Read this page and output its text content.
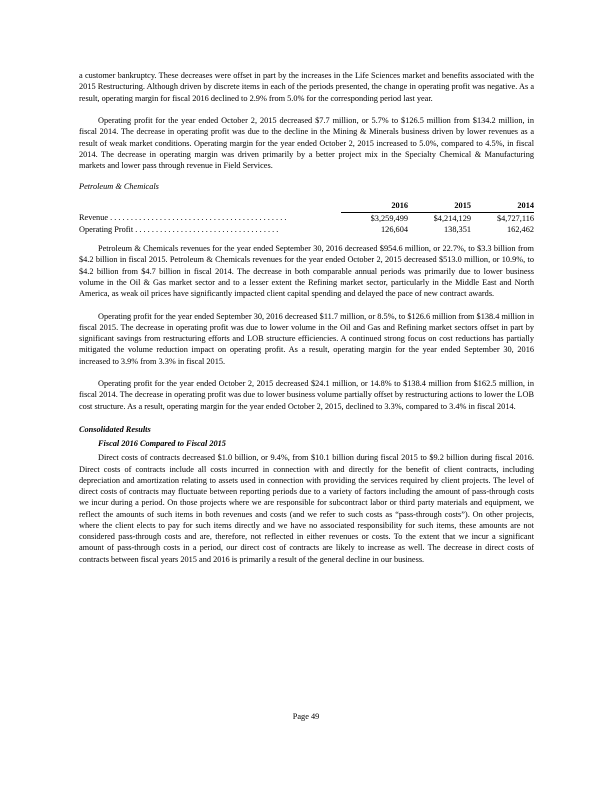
a customer bankruptcy. These decreases were offset in part by the increases in the Life Sciences market and benefits associated with the 2015 Restructuring. Although driven by discrete items in each of the periods presented, the change in operating profit was negative. As a result, operating margin for fiscal 2016 declined to 2.9% from 5.0% for the corresponding period last year.

Operating profit for the year ended October 2, 2015 decreased $7.7 million, or 5.7% to $126.5 million from $134.2 million, in fiscal 2014. The decrease in operating profit was due to the decline in the Mining & Minerals business driven by lower revenues as a result of weak market conditions. Operating margin for the year ended October 2, 2015 increased to 5.0%, compared to 4.5%, in fiscal 2014. The decrease in operating margin was driven primarily by a better project mix in the Specialty Chemical & Manufacturing markets and lower pass through revenue in Field Services.

Petroleum & Chemicals
	2016	2015	2014
Revenue . . . . . . . . . . . . . . . . . . . . . . . . . . . . . . . . . . . . . . . . . . .	$3,259,499	$4,214,129	$4,727,116
Operating Profit . . . . . . . . . . . . . . . . . . . . . . . . . . . . . . . . . . .	126,604	138,351	162,462

Petroleum & Chemicals revenues for the year ended September 30, 2016 decreased $954.6 million, or 22.7%, to $3.3 billion from $4.2 billion in fiscal 2015. Petroleum & Chemicals revenues for the year ended October 2, 2015 decreased $513.0 million, or 10.9%, to $4.2 billion from $4.7 billion in fiscal 2014. The decrease in both comparable annual periods was primarily due to lower business volume in the Oil & Gas market sector and to a lesser extent the Refining market sector, particularly in the Middle East and North America, as weak oil prices have significantly impacted client capital spending and delayed the pace of new contract awards.

Operating profit for the year ended September 30, 2016 decreased $11.7 million, or 8.5%, to $126.6 million from $138.4 million in fiscal 2015. The decrease in operating profit was due to lower volume in the Oil and Gas and Refining market sectors offset in part by significant savings from restructuring efforts and LOB structure efficiencies. A continued strong focus on cost reductions has partially mitigated the volume reduction impact on operating profit. As a result, operating margin for the year ended September 30, 2016 increased to 3.9% from 3.3% in fiscal 2015.

Operating profit for the year ended October 2, 2015 decreased $24.1 million, or 14.8% to $138.4 million from $162.5 million, in fiscal 2014. The decrease in operating profit was due to lower business volume partially offset by restructuring actions to lower the LOB cost structure. As a result, operating margin for the year ended October 2, 2015, declined to 3.3%, compared to 3.4% in fiscal 2014.

Consolidated Results
Fiscal 2016 Compared to Fiscal 2015

Direct costs of contracts decreased $1.0 billion, or 9.4%, from $10.1 billion during fiscal 2015 to $9.2 billion during fiscal 2016. Direct costs of contracts include all costs incurred in connection with and directly for the benefit of client contracts, including depreciation and amortization relating to assets used in connection with providing the services required by client projects. The level of direct costs of contracts may fluctuate between reporting periods due to a variety of factors including the amount of pass-through costs we incur during a period. On those projects where we are responsible for subcontract labor or third party materials and equipment, we reflect the amounts of such items in both revenues and costs (and we refer to such costs as “pass-through costs”). On other projects, where the client elects to pay for such items directly and we have no associated responsibility for such items, these amounts are not considered pass-through costs and are, therefore, not reflected in either revenues or costs. To the extent that we incur a significant amount of pass-through costs in a period, our direct cost of contracts are likely to increase as well. The decrease in direct costs of contracts between fiscal years 2015 and 2016 is primarily a result of the general decline in our business.

Page 49
